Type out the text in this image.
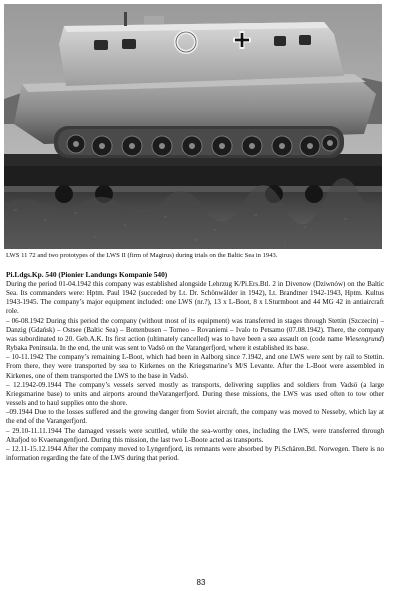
LWS 11 72 and two prototypes of the LWS II (firm of Magirus) during trials on the Baltic Sea in 1943.
Pi.Ldgs.Kp. 540 (Pionier Landungs Kompanie 540)

During the period 01-04.1942 this company was established alongside Lehrzug K/Pi.Ers.Btl. 2 in Divenow (Dziwnów) on the Baltic Sea. Its commanders were: Hptm. Paul 1942 (succeded by Lt. Dr. Schönwälder in 1942), Lt. Brandtner 1942-1943, Hptm. Kultus 1943-1945. The company’s major equipment included: one LWS (nr.?), 13 x L-Boot, 8 x l.Sturmboot and 44 MG 42 in antiaircraft role.

– 06-08.1942 During this period the company (without most of its equipment) was transferred in stages through Stettin (Szczecin) – Danzig (Gdańsk) – Ostsee (Baltic Sea) – Bottenbusen – Torneo – Rovaniemi – Ivalo to Petsamo (07.08.1942). There, the company was subordinated to 20. Geb.A.K. Its first action (ultimately cancelled) was to have been a sea assault on (code name Wiesengrund) Rybaka Peninsula. In the end, the unit was sent to Vadsö on the Varangerfjord, where it established its base.

– 10-11.1942 The company’s remaining L-Boot, which had been in Aalborg since 7.1942, and one LWS were sent by rail to Stettin. From there, they were transported by sea to Kirkenes on the Kriegsmarine’s M/S Levante. After the L-Boot were assembled in Kirkenes, one of them transported the LWS to the base in Vadsö.

– 12.1942-09.1944 The company’s vessels served mostly as transports, delivering supplies and soldiers from Vadsö (a large Kriegsmarine base) to units and airports around theVarangerfjord. During these missions, the LWS was used often to tow other vessels and to haul supplies onto the shore.

–09.1944 Due to the losses suffered and the growing danger from Soviet aircraft, the company was moved to Nesseby, which lay at the end of the Varangerfjord.

– 29.10-11.11.1944 The damaged vessels were scuttled, while the sea-worthy ones, including the LWS, were transferred through Altafjod to Kvaenangenfjord. During this mission, the last two L-Boote acted as transports.

– 12.11-15.12.1944 After the company moved to Lyngenfjord, its remnants were absorbed by Pi.Schären.Btl. Norwegen. There is no information regarding the fate of the LWS during that period.

83
